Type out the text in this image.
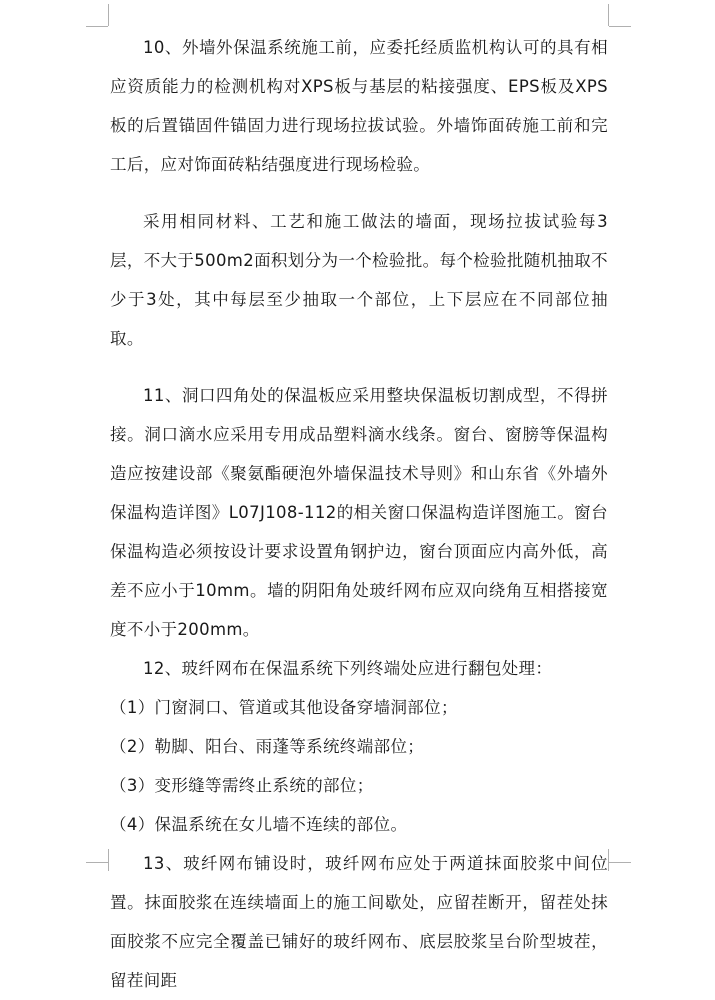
10、外墙外保温系统施工前，应委托经质监机构认可的具有相应资质能力的检测机构对XPS板与基层的粘接强度、EPS板及XPS板的后置锚固件锚固力进行现场拉拔试验。外墙饰面砖施工前和完工后，应对饰面砖粘结强度进行现场检验。

采用相同材料、工艺和施工做法的墙面，现场拉拔试验每3层，不大于500m2面积划分为一个检验批。每个检验批随机抽取不少于3处，其中每层至少抽取一个部位，上下层应在不同部位抽取。

11、洞口四角处的保温板应采用整块保温板切割成型，不得拼接。洞口滴水应采用专用成品塑料滴水线条。窗台、窗膀等保温构造应按建设部《聚氨酯硬泡外墙保温技术导则》和山东省《外墙外保温构造详图》L07J108-112的相关窗口保温构造详图施工。窗台保温构造必须按设计要求设置角钢护边，窗台顶面应内高外低，高差不应小于10mm。墙的阴阳角处玻纤网布应双向绕角互相搭接宽度不小于200mm。

12、玻纤网布在保温系统下列终端处应进行翻包处理：

（1）门窗洞口、管道或其他设备穿墙洞部位；

（2）勒脚、阳台、雨蓬等系统终端部位；

（3）变形缝等需终止系统的部位；

（4）保温系统在女儿墙不连续的部位。

13、玻纤网布铺设时，玻纤网布应处于两道抹面胶浆中间位置。抹面胶浆在连续墙面上的施工间歇处，应留茬断开，留茬处抹面胶浆不应完全覆盖已铺好的玻纤网布、底层胶浆呈台阶型坡茬，留茬间距
